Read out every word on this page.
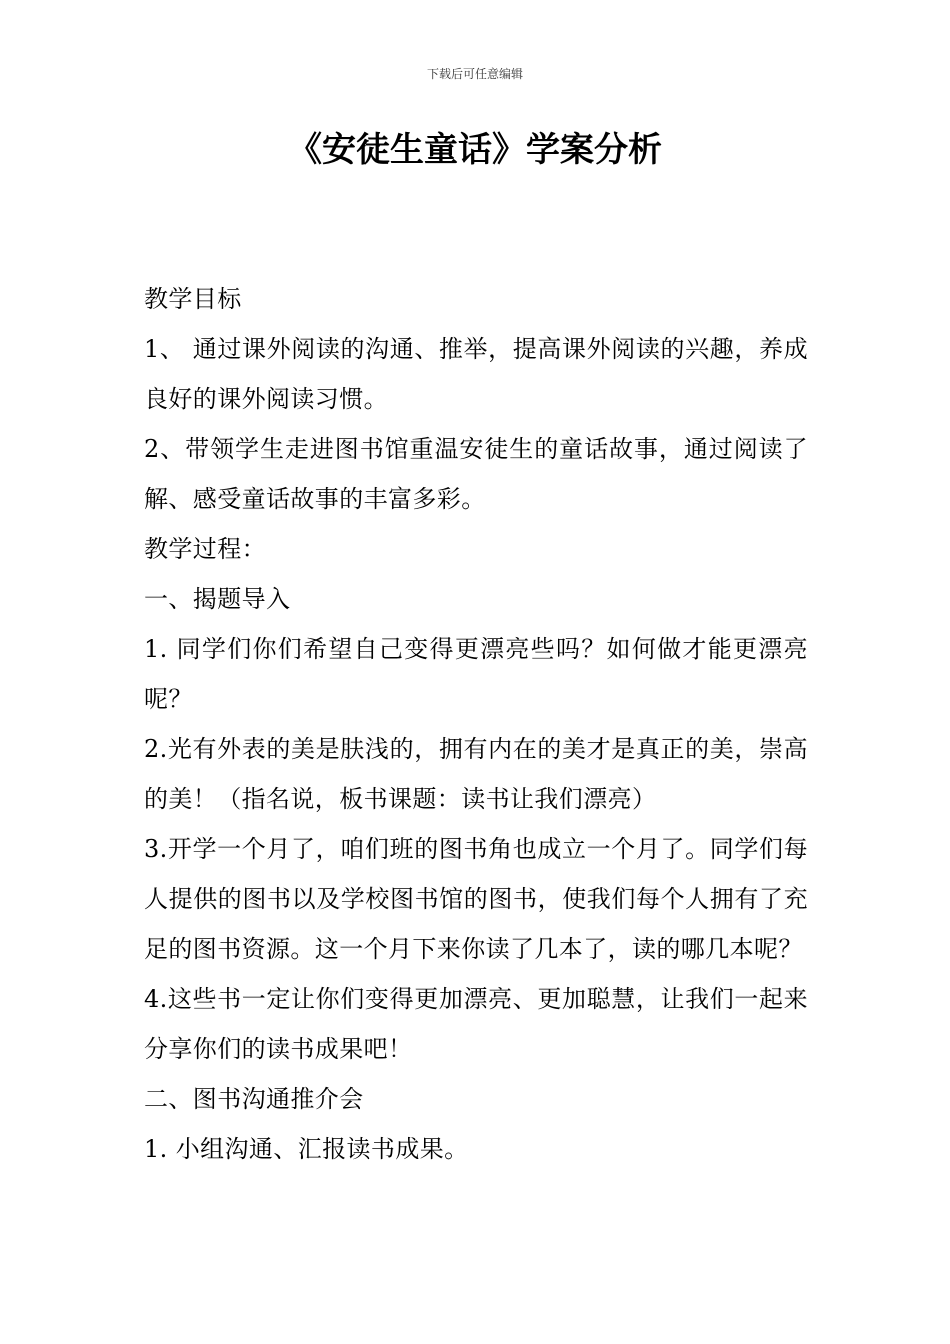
下载后可任意编辑
《安徒生童话》学案分析

教学目标

1、 通过课外阅读的沟通、推举，提高课外阅读的兴趣，养成良好的课外阅读习惯。

2、带领学生走进图书馆重温安徒生的童话故事，通过阅读了解、感受童话故事的丰富多彩。

教学过程：

一、揭题导入

1. 同学们你们希望自己变得更漂亮些吗？如何做才能更漂亮呢？

2.光有外表的美是肤浅的，拥有内在的美才是真正的美，崇高的美！（指名说，板书课题：读书让我们漂亮）

3.开学一个月了，咱们班的图书角也成立一个月了。同学们每人提供的图书以及学校图书馆的图书，使我们每个人拥有了充足的图书资源。这一个月下来你读了几本了，读的哪几本呢？

4.这些书一定让你们变得更加漂亮、更加聪慧，让我们一起来分享你们的读书成果吧！

二、图书沟通推介会

1. 小组沟通、汇报读书成果。
